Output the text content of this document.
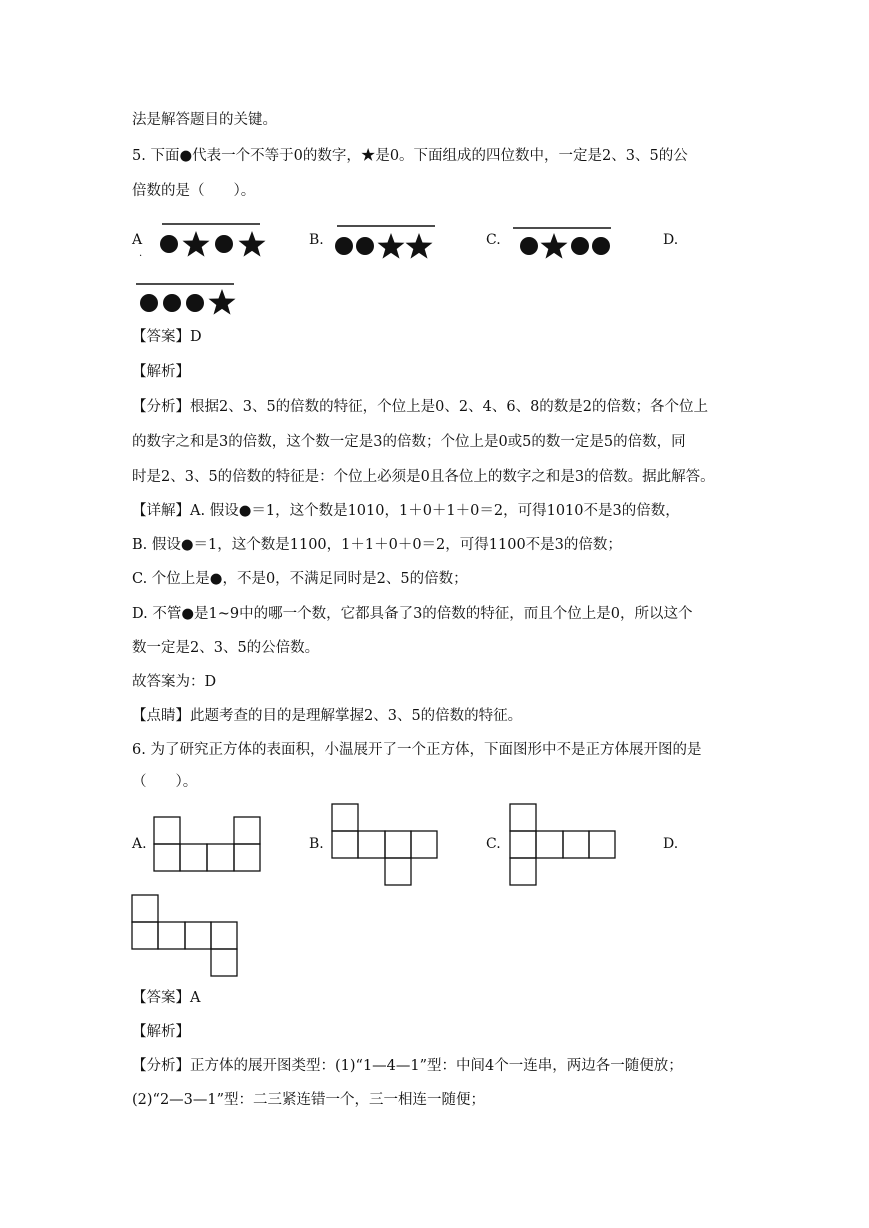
法是解答题目的关键。
5. 下面●代表一个不等于0的数字，★是0。下面组成的四位数中，一定是2、3、5的公
倍数的是（　　）。
A
.
B.	C.	D.
【答案】D
【解析】
【分析】根据2、3、5的倍数的特征，个位上是0、2、4、6、8的数是2的倍数；各个位上
的数字之和是3的倍数，这个数一定是3的倍数；个位上是0或5的数一定是5的倍数，同
时是2、3、5的倍数的特征是：个位上必须是0且各位上的数字之和是3的倍数。据此解答。
【详解】A. 假设●＝1，这个数是1010，1＋0＋1＋0＝2，可得1010不是3的倍数，
B. 假设●＝1，这个数是1100，1＋1＋0＋0＝2，可得1100不是3的倍数；
C. 个位上是●，不是0，不满足同时是2、5的倍数；
D. 不管●是1~9中的哪一个数，它都具备了3的倍数的特征，而且个位上是0，所以这个
数一定是2、3、5的公倍数。
故答案为：D
【点睛】此题考查的目的是理解掌握2、3、5的倍数的特征。
6. 为了研究正方体的表面积，小温展开了一个正方体，下面图形中不是正方体展开图的是
（　　）。
A.	B.	C.	D.
【答案】A
【解析】
【分析】正方体的展开图类型：(1)“1—4—1”型：中间4个一连串，两边各一随便放；
(2)“2—3—1”型：二三紧连错一个，三一相连一随便；
